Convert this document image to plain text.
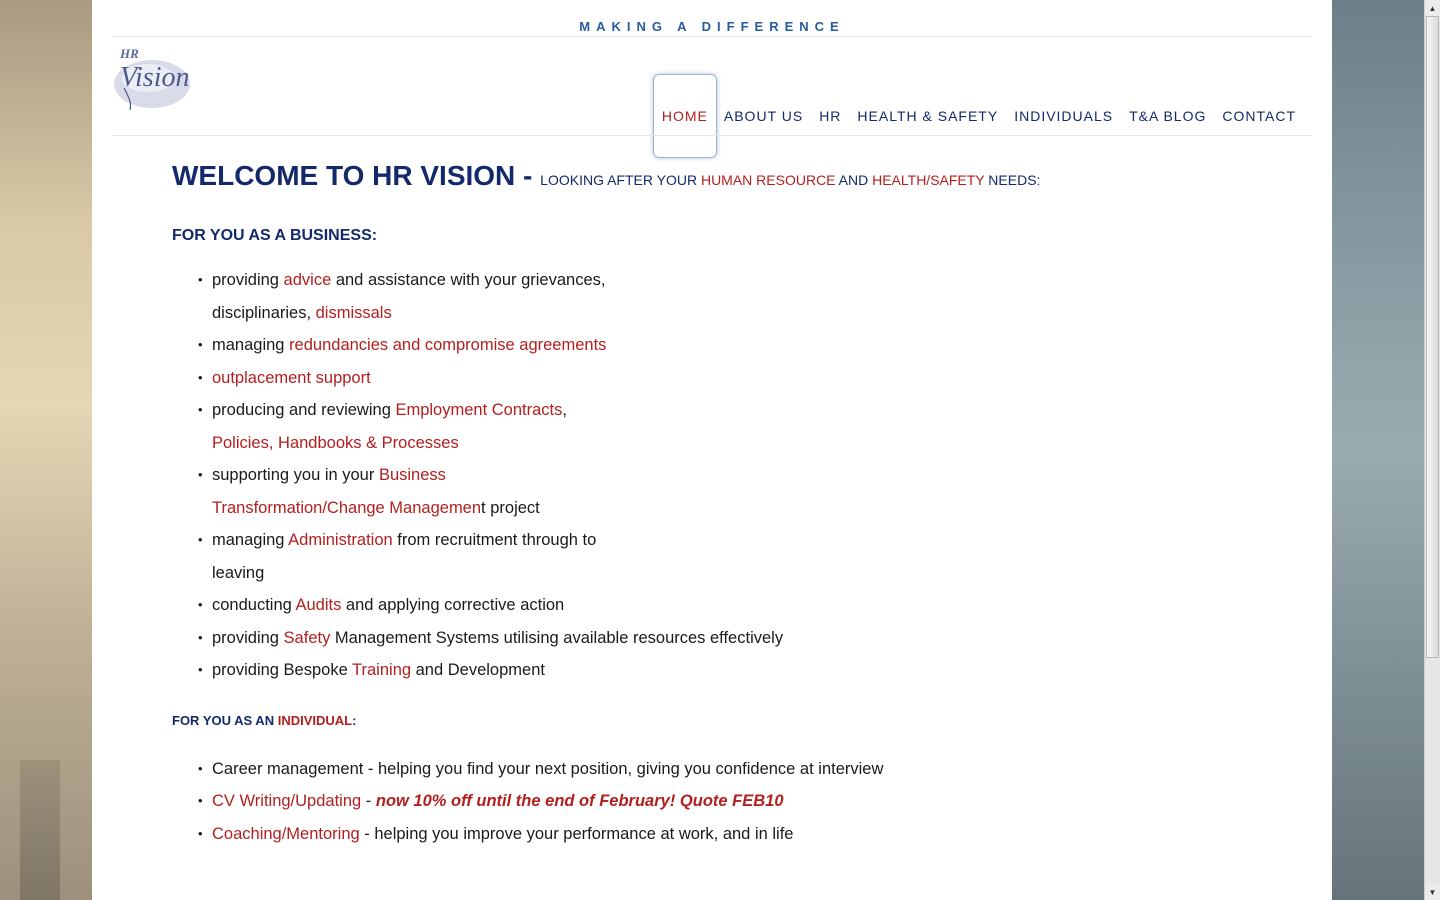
MAKING A DIFFERENCE
HR
Vision
HOME	ABOUT US	HR	HEALTH & SAFETY	INDIVIDUALS	T&A BLOG	CONTACT
WELCOME TO HR VISION - LOOKING AFTER YOUR HUMAN RESOURCE AND HEALTH/SAFETY NEEDS:
FOR YOU AS A BUSINESS:
• providing advice and assistance with your grievances,
disciplinaries, dismissals
• managing redundancies and compromise agreements
• outplacement support
• producing and reviewing Employment Contracts,
Policies, Handbooks & Processes
• supporting you in your Business
Transformation/Change Management project
• managing Administration from recruitment through to
leaving
• conducting Audits and applying corrective action
• providing Safety Management Systems utilising available resources effectively
• providing Bespoke Training and Development
FOR YOU AS AN INDIVIDUAL:
• Career management - helping you find your next position, giving you confidence at interview
• CV Writing/Updating - now 10% off until the end of February! Quote FEB10
• Coaching/Mentoring - helping you improve your performance at work, and in life
▲
▼
